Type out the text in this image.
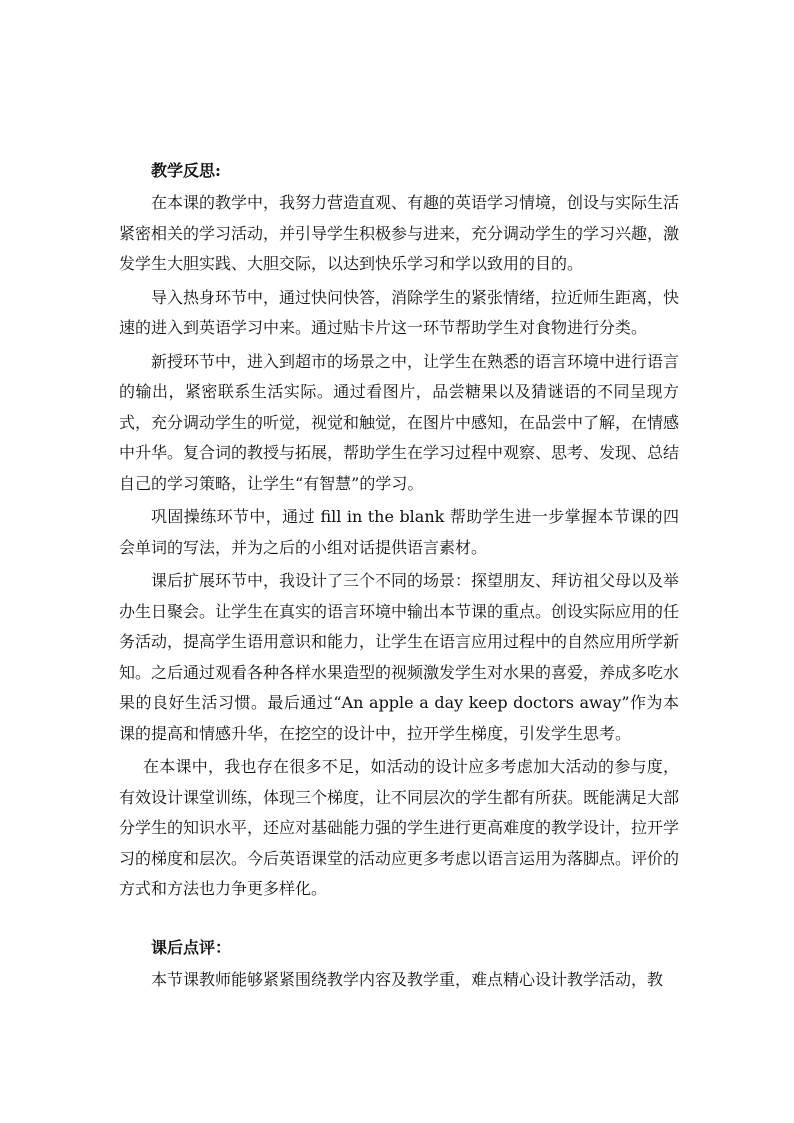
教学反思:

在本课的教学中，我努力营造直观、有趣的英语学习情境，创设与实际生活紧密相关的学习活动，并引导学生积极参与进来，充分调动学生的学习兴趣，激发学生大胆实践、大胆交际，以达到快乐学习和学以致用的目的。

导入热身环节中，通过快问快答，消除学生的紧张情绪，拉近师生距离，快速的进入到英语学习中来。通过贴卡片这一环节帮助学生对食物进行分类。

新授环节中，进入到超市的场景之中，让学生在熟悉的语言环境中进行语言的输出，紧密联系生活实际。通过看图片，品尝糖果以及猜谜语的不同呈现方式，充分调动学生的听觉，视觉和触觉，在图片中感知，在品尝中了解，在情感中升华。复合词的教授与拓展，帮助学生在学习过程中观察、思考、发现、总结自己的学习策略，让学生“有智慧”的学习。

巩固操练环节中，通过 fill in the blank 帮助学生进一步掌握本节课的四会单词的写法，并为之后的小组对话提供语言素材。

课后扩展环节中，我设计了三个不同的场景：探望朋友、拜访祖父母以及举办生日聚会。让学生在真实的语言环境中输出本节课的重点。创设实际应用的任务活动，提高学生语用意识和能力，让学生在语言应用过程中的自然应用所学新知。之后通过观看各种各样水果造型的视频激发学生对水果的喜爱，养成多吃水果的良好生活习惯。最后通过“An apple a day keep doctors away”作为本课的提高和情感升华，在挖空的设计中，拉开学生梯度，引发学生思考。

在本课中，我也存在很多不足，如活动的设计应多考虑加大活动的参与度，有效设计课堂训练，体现三个梯度，让不同层次的学生都有所获。既能满足大部分学生的知识水平，还应对基础能力强的学生进行更高难度的教学设计，拉开学习的梯度和层次。今后英语课堂的活动应更多考虑以语言运用为落脚点。评价的方式和方法也力争更多样化。

课后点评：

本节课教师能够紧紧围绕教学内容及教学重，难点精心设计教学活动，教
